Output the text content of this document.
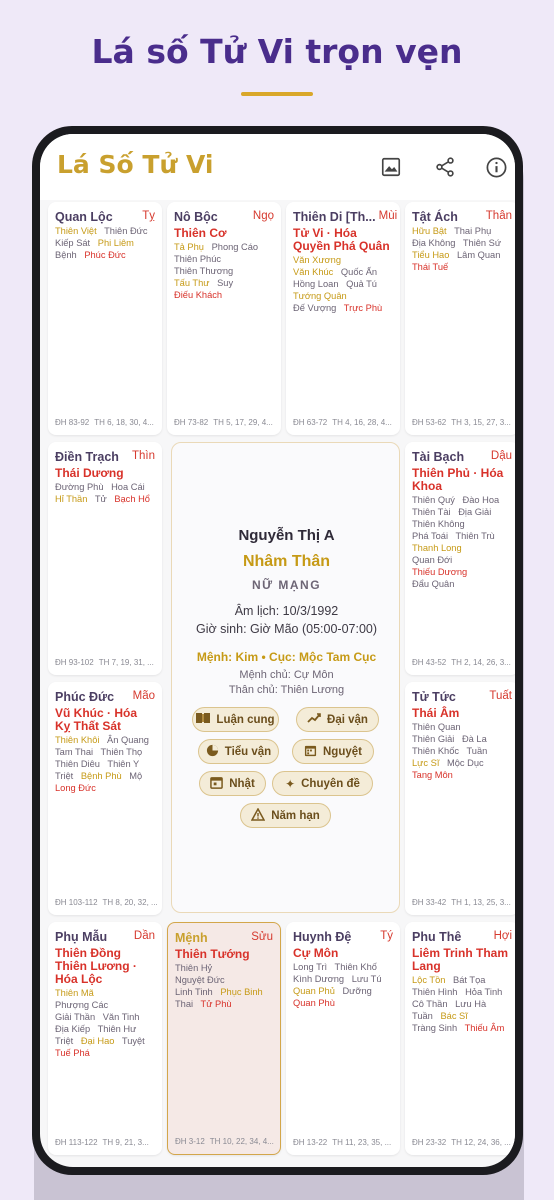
Lá số Tử Vi trọn vẹn
Lá Số Tử Vi
Quan Lộc	Tỵ
Thiên Việt Thiên Đức Kiếp Sát Phi Liêm Bệnh Phúc Đức
ĐH 83-92 TH 6, 18, 30, 4...
Nô Bộc	Ngọ
Thiên Cơ
Tả Phụ Phong Cáo Thiên Phúc Thiên Thương Tấu Thư Suy Điếu Khách
ĐH 73-82 TH 5, 17, 29, 4...
Thiên Di [Th... Mùi
Tử Vi · Hóa Quyền Phá Quân
Văn Xương Văn Khúc Quốc Ấn Hồng Loan Quả Tú Tướng Quân Đế Vượng Trực Phù
ĐH 63-72 TH 4, 16, 28, 4...
Tật Ách Thân
Hữu Bật Thai Phụ Địa Không Thiên Sứ Tiểu Hao Lâm Quan Thái Tuế
ĐH 53-62 TH 3, 15, 27, 3...
Điền Trạch Thìn
Thái Dương
Đường Phù Hoa Cái Hỉ Thần Tử Bạch Hổ
ĐH 93-102 TH 7, 19, 31, ...
Tài Bạch Dậu
Thiên Phủ · Hóa Khoa
Thiên Quý Đào Hoa Thiên Tài Địa Giải Thiên Không Phá Toái Thiên Trù Thanh Long Quan Đới Thiếu Dương Đẩu Quân
ĐH 43-52 TH 2, 14, 26, 3...
Phúc Đức Mão
Vũ Khúc · Hóa Kỵ Thất Sát
Thiên Khôi Ân Quang Tam Thai Thiên Thọ Thiên Diêu Thiên Y Triệt Bệnh Phù Mộ Long Đức
ĐH 103-112 TH 8, 20, 32, ...
Tử Tức	Tuất
Thái Âm
Thiên Quan Thiên Giải Đà La Thiên Khốc Tuần Lực Sĩ Mộc Dục Tang Môn
ĐH 33-42 TH 1, 13, 25, 3...
Phụ Mẫu Dần
Thiên Đồng Thiên Lương · Hóa Lộc
Thiên Mã Phượng Các Giải Thần Văn Tinh Địa Kiếp Thiên Hư Triệt Đại Hao Tuyệt Tuế Phá
ĐH 113-122 TH 9, 21, 3...
Mệnh	Sửu
Thiên Tướng
Thiên Hỷ Nguyệt Đức Linh Tinh Phục Binh Thai Tử Phù
ĐH 3-12 TH 10, 22, 34, 4...
Huynh Đệ	Tý
Cự Môn
Long Trì Thiên Khố Kình Dương Lưu Tú Quan Phủ Dưỡng Quan Phù
ĐH 13-22 TH 11, 23, 35, ...
Phu Thê	Hợi
Liêm Trinh Tham Lang
Lộc Tồn Bát Tọa Thiên Hình Hỏa Tinh Cô Thần Lưu Hà Tuần Bác Sĩ Tràng Sinh Thiếu Âm
ĐH 23-32 TH 12, 24, 36, ...
Nguyễn Thị A
Nhâm Thân
NỮ MẠNG
Âm lịch: 10/3/1992
Giờ sinh: Giờ Mão (05:00-07:00)
Mệnh: Kim • Cục: Mộc Tam Cục
Mệnh chủ: Cự Môn
Thân chủ: Thiên Lương
Luận cung	Đại vận
Tiểu vận	Nguyệt
Nhật	✦ Chuyên đề
Năm hạn
